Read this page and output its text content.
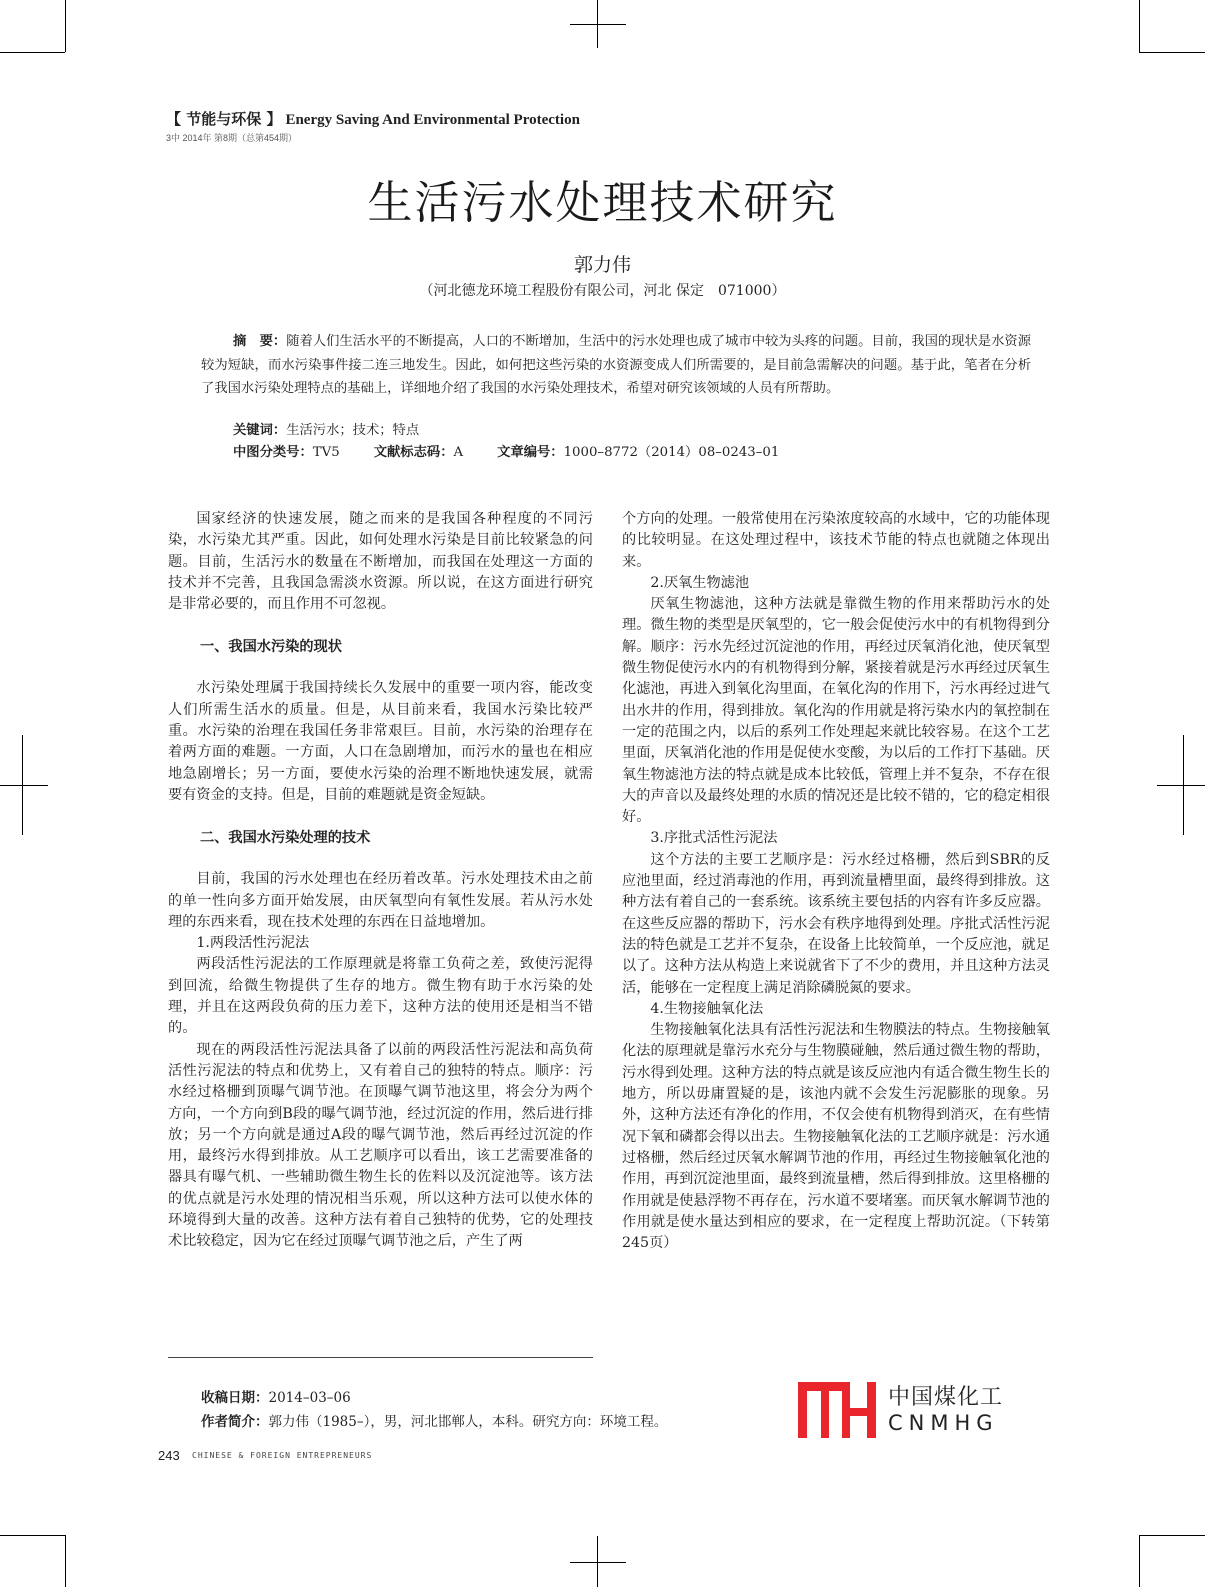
【 节能与环保 】 Energy Saving And Environmental Protection
3中 2014年 第8期（总第454期）
生活污水处理技术研究
郭力伟
（河北德龙环境工程股份有限公司，河北 保定　071000）
摘　要：随着人们生活水平的不断提高，人口的不断增加，生活中的污水处理也成了城市中较为头疼的问题。目前，我国的现状是水资源较为短缺，而水污染事件接二连三地发生。因此，如何把这些污染的水资源变成人们所需要的，是目前急需解决的问题。基于此，笔者在分析了我国水污染处理特点的基础上，详细地介绍了我国的水污染处理技术，希望对研究该领域的人员有所帮助。
关键词：生活污水；技术；特点
中图分类号：TV5	文献标志码：A	文章编号：1000–8772（2014）08–0243–01

国家经济的快速发展，随之而来的是我国各种程度的不同污染，水污染尤其严重。因此，如何处理水污染是目前比较紧急的问题。目前，生活污水的数量在不断增加，而我国在处理这一方面的技术并不完善，且我国急需淡水资源。所以说，在这方面进行研究是非常必要的，而且作用不可忽视。

一、我国水污染的现状

水污染处理属于我国持续长久发展中的重要一项内容，能改变人们所需生活水的质量。但是，从目前来看，我国水污染比较严重。水污染的治理在我国任务非常艰巨。目前，水污染的治理存在着两方面的难题。一方面，人口在急剧增加，而污水的量也在相应地急剧增长；另一方面，要使水污染的治理不断地快速发展，就需要有资金的支持。但是，目前的难题就是资金短缺。

二、我国水污染处理的技术

目前，我国的污水处理也在经历着改革。污水处理技术由之前的单一性向多方面开始发展，由厌氧型向有氧性发展。若从污水处理的东西来看，现在技术处理的东西在日益地增加。

1.两段活性污泥法

两段活性污泥法的工作原理就是将靠工负荷之差，致使污泥得到回流，给微生物提供了生存的地方。微生物有助于水污染的处理，并且在这两段负荷的压力差下，这种方法的使用还是相当不错的。

现在的两段活性污泥法具备了以前的两段活性污泥法和高负荷活性污泥法的特点和优势上，又有着自己的独特的特点。顺序：污水经过格栅到顶曝气调节池。在顶曝气调节池这里，将会分为两个方向，一个方向到B段的曝气调节池，经过沉淀的作用，然后进行排放；另一个方向就是通过A段的曝气调节池，然后再经过沉淀的作用，最终污水得到排放。从工艺顺序可以看出，该工艺需要准备的器具有曝气机、一些辅助微生物生长的佐料以及沉淀池等。该方法的优点就是污水处理的情况相当乐观，所以这种方法可以使水体的环境得到大量的改善。这种方法有着自己独特的优势，它的处理技术比较稳定，因为它在经过顶曝气调节池之后，产生了两

个方向的处理。一般常使用在污染浓度较高的水域中，它的功能体现的比较明显。在这处理过程中，该技术节能的特点也就随之体现出来。

2.厌氧生物滤池

厌氧生物滤池，这种方法就是靠微生物的作用来帮助污水的处理。微生物的类型是厌氧型的，它一般会促使污水中的有机物得到分解。顺序：污水先经过沉淀池的作用，再经过厌氧消化池，使厌氧型微生物促使污水内的有机物得到分解，紧接着就是污水再经过厌氧生化滤池，再进入到氧化沟里面，在氧化沟的作用下，污水再经过进气出水井的作用，得到排放。氧化沟的作用就是将污染水内的氧控制在一定的范围之内，以后的系列工作处理起来就比较容易。在这个工艺里面，厌氧消化池的作用是促使水变酸，为以后的工作打下基础。厌氧生物滤池方法的特点就是成本比较低，管理上并不复杂，不存在很大的声音以及最终处理的水质的情况还是比较不错的，它的稳定相很好。

3.序批式活性污泥法

这个方法的主要工艺顺序是：污水经过格栅，然后到SBR的反应池里面，经过消毒池的作用，再到流量槽里面，最终得到排放。这种方法有着自己的一套系统。该系统主要包括的内容有许多反应器。在这些反应器的帮助下，污水会有秩序地得到处理。序批式活性污泥法的特色就是工艺并不复杂，在设备上比较简单，一个反应池，就足以了。这种方法从构造上来说就省下了不少的费用，并且这种方法灵活，能够在一定程度上满足消除磷脱氮的要求。

4.生物接触氧化法

生物接触氧化法具有活性污泥法和生物膜法的特点。生物接触氧化法的原理就是靠污水充分与生物膜碰触，然后通过微生物的帮助，污水得到处理。这种方法的特点就是该反应池内有适合微生物生长的地方，所以毋庸置疑的是，该池内就不会发生污泥膨胀的现象。另外，这种方法还有净化的作用，不仅会使有机物得到消灭，在有些情况下氧和磷都会得以出去。生物接触氧化法的工艺顺序就是：污水通过格栅，然后经过厌氧水解调节池的作用，再经过生物接触氧化池的作用，再到沉淀池里面，最终到流量槽，然后得到排放。这里格栅的作用就是使悬浮物不再存在，污水道不要堵塞。而厌氧水解调节池的作用就是使水量达到相应的要求，在一定程度上帮助沉淀。（下转第245页）

收稿日期：2014–03–06
作者简介：郭力伟（1985–），男，河北邯郸人，本科。研究方向：环境工程。
中国煤化工
CNMHG
243 CHINESE & FOREIGN ENTREPRENEURS
